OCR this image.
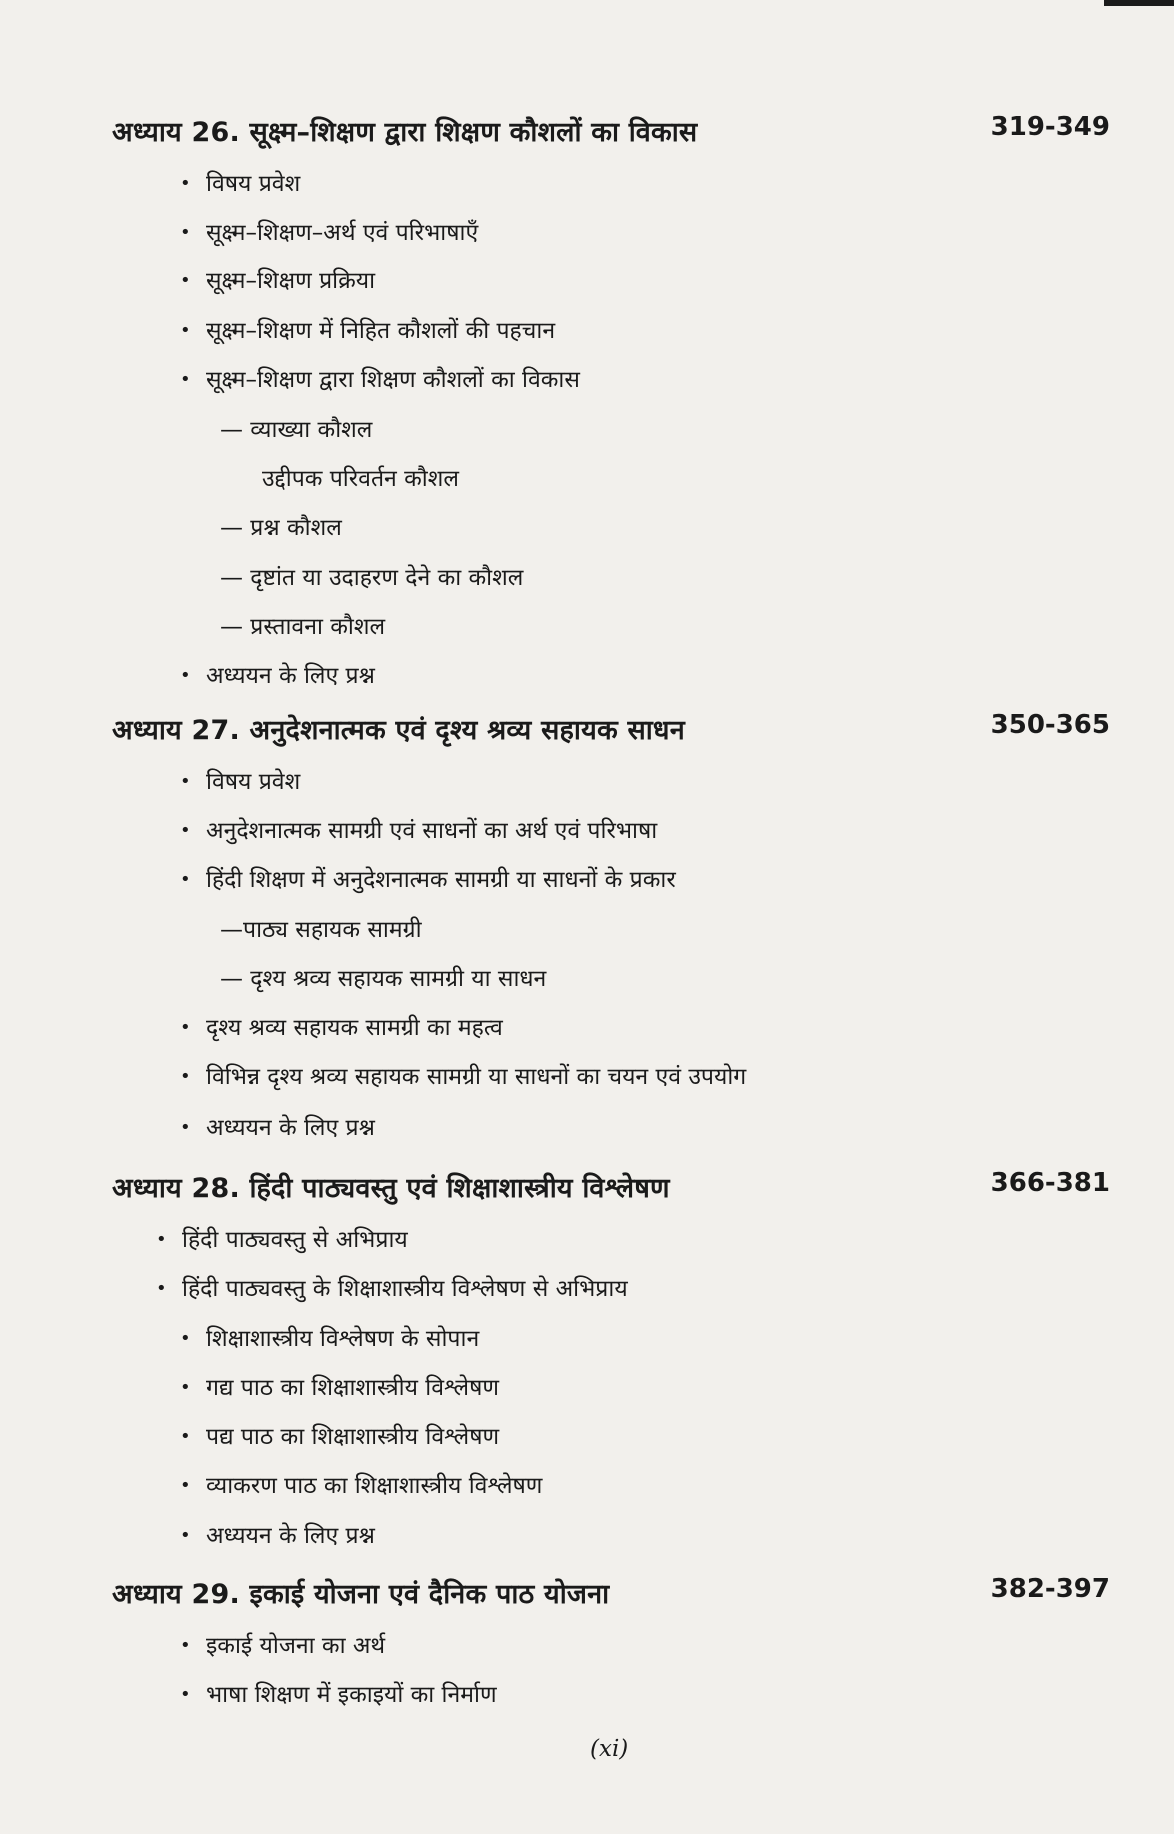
अध्याय 26. सूक्ष्म–शिक्षण द्वारा शिक्षण कौशलों का विकास	319-349
• विषय प्रवेश
• सूक्ष्म–शिक्षण–अर्थ एवं परिभाषाएँ
• सूक्ष्म–शिक्षण प्रक्रिया
• सूक्ष्म–शिक्षण में निहित कौशलों की पहचान
• सूक्ष्म–शिक्षण द्वारा शिक्षण कौशलों का विकास
— व्याख्या कौशल
उद्दीपक परिवर्तन कौशल
— प्रश्न कौशल
— दृष्टांत या उदाहरण देने का कौशल
— प्रस्तावना कौशल
• अध्ययन के लिए प्रश्न
अध्याय 27. अनुदेशनात्मक एवं दृश्य श्रव्य सहायक साधन	350-365
• विषय प्रवेश
• अनुदेशनात्मक सामग्री एवं साधनों का अर्थ एवं परिभाषा
• हिंदी शिक्षण में अनुदेशनात्मक सामग्री या साधनों के प्रकार
—पाठ्य सहायक सामग्री
— दृश्य श्रव्य सहायक सामग्री या साधन
• दृश्य श्रव्य सहायक सामग्री का महत्व
• विभिन्न दृश्य श्रव्य सहायक सामग्री या साधनों का चयन एवं उपयोग
• अध्ययन के लिए प्रश्न
अध्याय 28. हिंदी पाठ्यवस्तु एवं शिक्षाशास्त्रीय विश्लेषण	366-381
• हिंदी पाठ्यवस्तु से अभिप्राय
• हिंदी पाठ्यवस्तु के शिक्षाशास्त्रीय विश्लेषण से अभिप्राय
• शिक्षाशास्त्रीय विश्लेषण के सोपान
• गद्य पाठ का शिक्षाशास्त्रीय विश्लेषण
• पद्य पाठ का शिक्षाशास्त्रीय विश्लेषण
• व्याकरण पाठ का शिक्षाशास्त्रीय विश्लेषण
• अध्ययन के लिए प्रश्न
अध्याय 29. इकाई योजना एवं दैनिक पाठ योजना	382-397
• इकाई योजना का अर्थ
• भाषा शिक्षण में इकाइयों का निर्माण
(xi)
